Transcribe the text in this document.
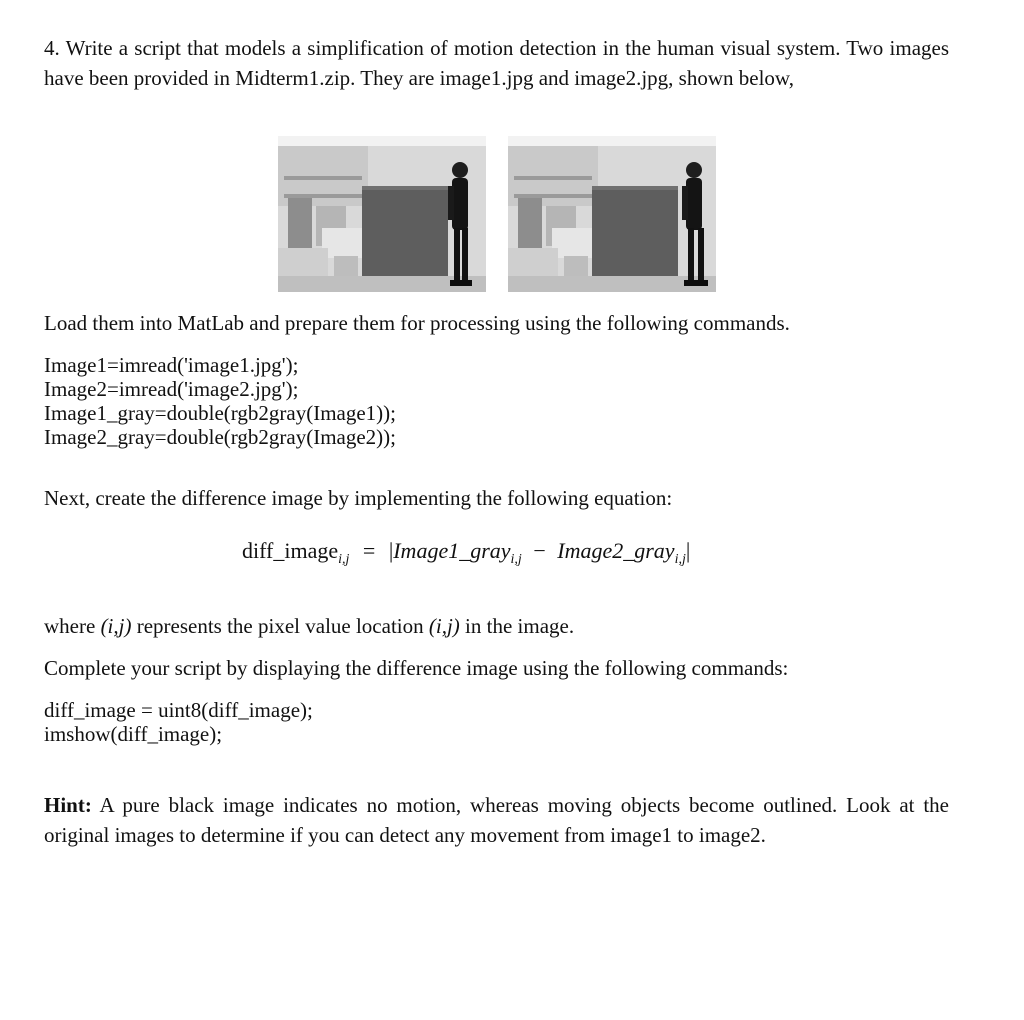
4. Write a script that models a simplification of motion detection in the human visual system. Two images have been provided in Midterm1.zip. They are image1.jpg and image2.jpg, shown below,

Load them into MatLab and prepare them for processing using the following commands.

Image1=imread('image1.jpg');
Image2=imread('image2.jpg');
Image1_gray=double(rgb2gray(Image1));
Image2_gray=double(rgb2gray(Image2));

Next, create the difference image by implementing the following equation:

diff_image$_{i,j}$ = |Image1_gray$_{i,j}$ − Image2_gray$_{i,j}$|

where (i,j) represents the pixel value location (i,j) in the image.

Complete your script by displaying the difference image using the following commands:

diff_image = uint8(diff_image);
imshow(diff_image);

Hint: A pure black image indicates no motion, whereas moving objects become outlined. Look at the original images to determine if you can detect any movement from image1 to image2.
